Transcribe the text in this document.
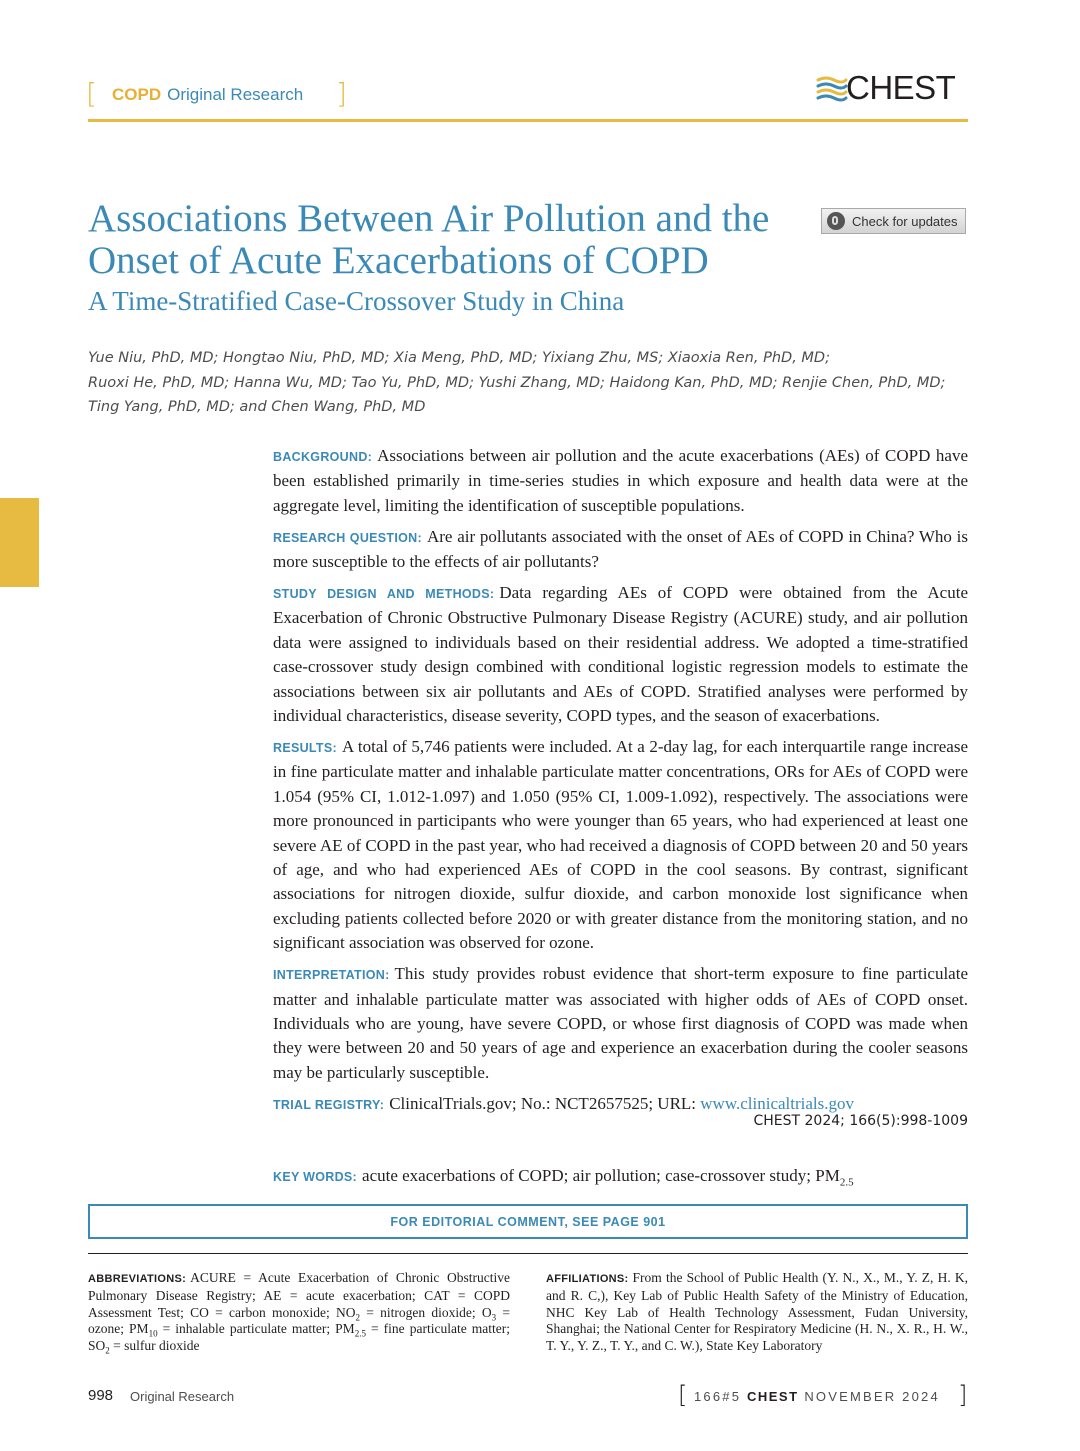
[ COPD Original Research ]	CHEST
Associations Between Air Pollution and the Onset of Acute Exacerbations of COPD
A Time-Stratified Case-Crossover Study in China
Check for updates
Yue Niu, PhD, MD; Hongtao Niu, PhD, MD; Xia Meng, PhD, MD; Yixiang Zhu, MS; Xiaoxia Ren, PhD, MD;
Ruoxi He, PhD, MD; Hanna Wu, MD; Tao Yu, PhD, MD; Yushi Zhang, MD; Haidong Kan, PhD, MD; Renjie Chen, PhD, MD;
Ting Yang, PhD, MD; and Chen Wang, PhD, MD

BACKGROUND: Associations between air pollution and the acute exacerbations (AEs) of COPD have been established primarily in time-series studies in which exposure and health data were at the aggregate level, limiting the identification of susceptible populations.

RESEARCH QUESTION: Are air pollutants associated with the onset of AEs of COPD in China? Who is more susceptible to the effects of air pollutants?

STUDY DESIGN AND METHODS: Data regarding AEs of COPD were obtained from the Acute Exacerbation of Chronic Obstructive Pulmonary Disease Registry (ACURE) study, and air pollution data were assigned to individuals based on their residential address. We adopted a time-stratified case-crossover study design combined with conditional logistic regression models to estimate the associations between six air pollutants and AEs of COPD. Stratified analyses were performed by individual characteristics, disease severity, COPD types, and the season of exacerbations.

RESULTS: A total of 5,746 patients were included. At a 2-day lag, for each interquartile range increase in fine particulate matter and inhalable particulate matter concentrations, ORs for AEs of COPD were 1.054 (95% CI, 1.012-1.097) and 1.050 (95% CI, 1.009-1.092), respectively. The associations were more pronounced in participants who were younger than 65 years, who had experienced at least one severe AE of COPD in the past year, who had received a diagnosis of COPD between 20 and 50 years of age, and who had experienced AEs of COPD in the cool seasons. By contrast, significant associations for nitrogen dioxide, sulfur dioxide, and carbon monoxide lost significance when excluding patients collected before 2020 or with greater distance from the monitoring station, and no significant association was observed for ozone.

INTERPRETATION: This study provides robust evidence that short-term exposure to fine particulate matter and inhalable particulate matter was associated with higher odds of AEs of COPD onset. Individuals who are young, have severe COPD, or whose first diagnosis of COPD was made when they were between 20 and 50 years of age and experience an exacerbation during the cooler seasons may be particularly susceptible.

TRIAL REGISTRY: ClinicalTrials.gov; No.: NCT2657525; URL: www.clinicaltrials.gov

CHEST 2024; 166(5):998-1009
KEY WORDS: acute exacerbations of COPD; air pollution; case-crossover study; $PM_{2.5}$
FOR EDITORIAL COMMENT, SEE PAGE 901
ABBREVIATIONS: ACURE = Acute Exacerbation of Chronic Obstructive Pulmonary Disease Registry; AE = acute exacerbation; CAT = COPD Assessment Test; CO = carbon monoxide; $NO_2$ = nitrogen dioxide; $O_3$ = ozone; $PM_{10}$ = inhalable particulate matter; $PM_{2.5}$ = fine particulate matter; $SO_2$ = sulfur dioxide
AFFILIATIONS: From the School of Public Health (Y. N., X., M., Y. Z, H. K, and R. C,), Key Lab of Public Health Safety of the Ministry of Education, NHC Key Lab of Health Technology Assessment, Fudan University, Shanghai; the National Center for Respiratory Medicine (H. N., X. R., H. W., T. Y., Y. Z., T. Y., and C. W.), State Key Laboratory
998 Original Research	[ 166#5 CHEST NOVEMBER 2024 ]
